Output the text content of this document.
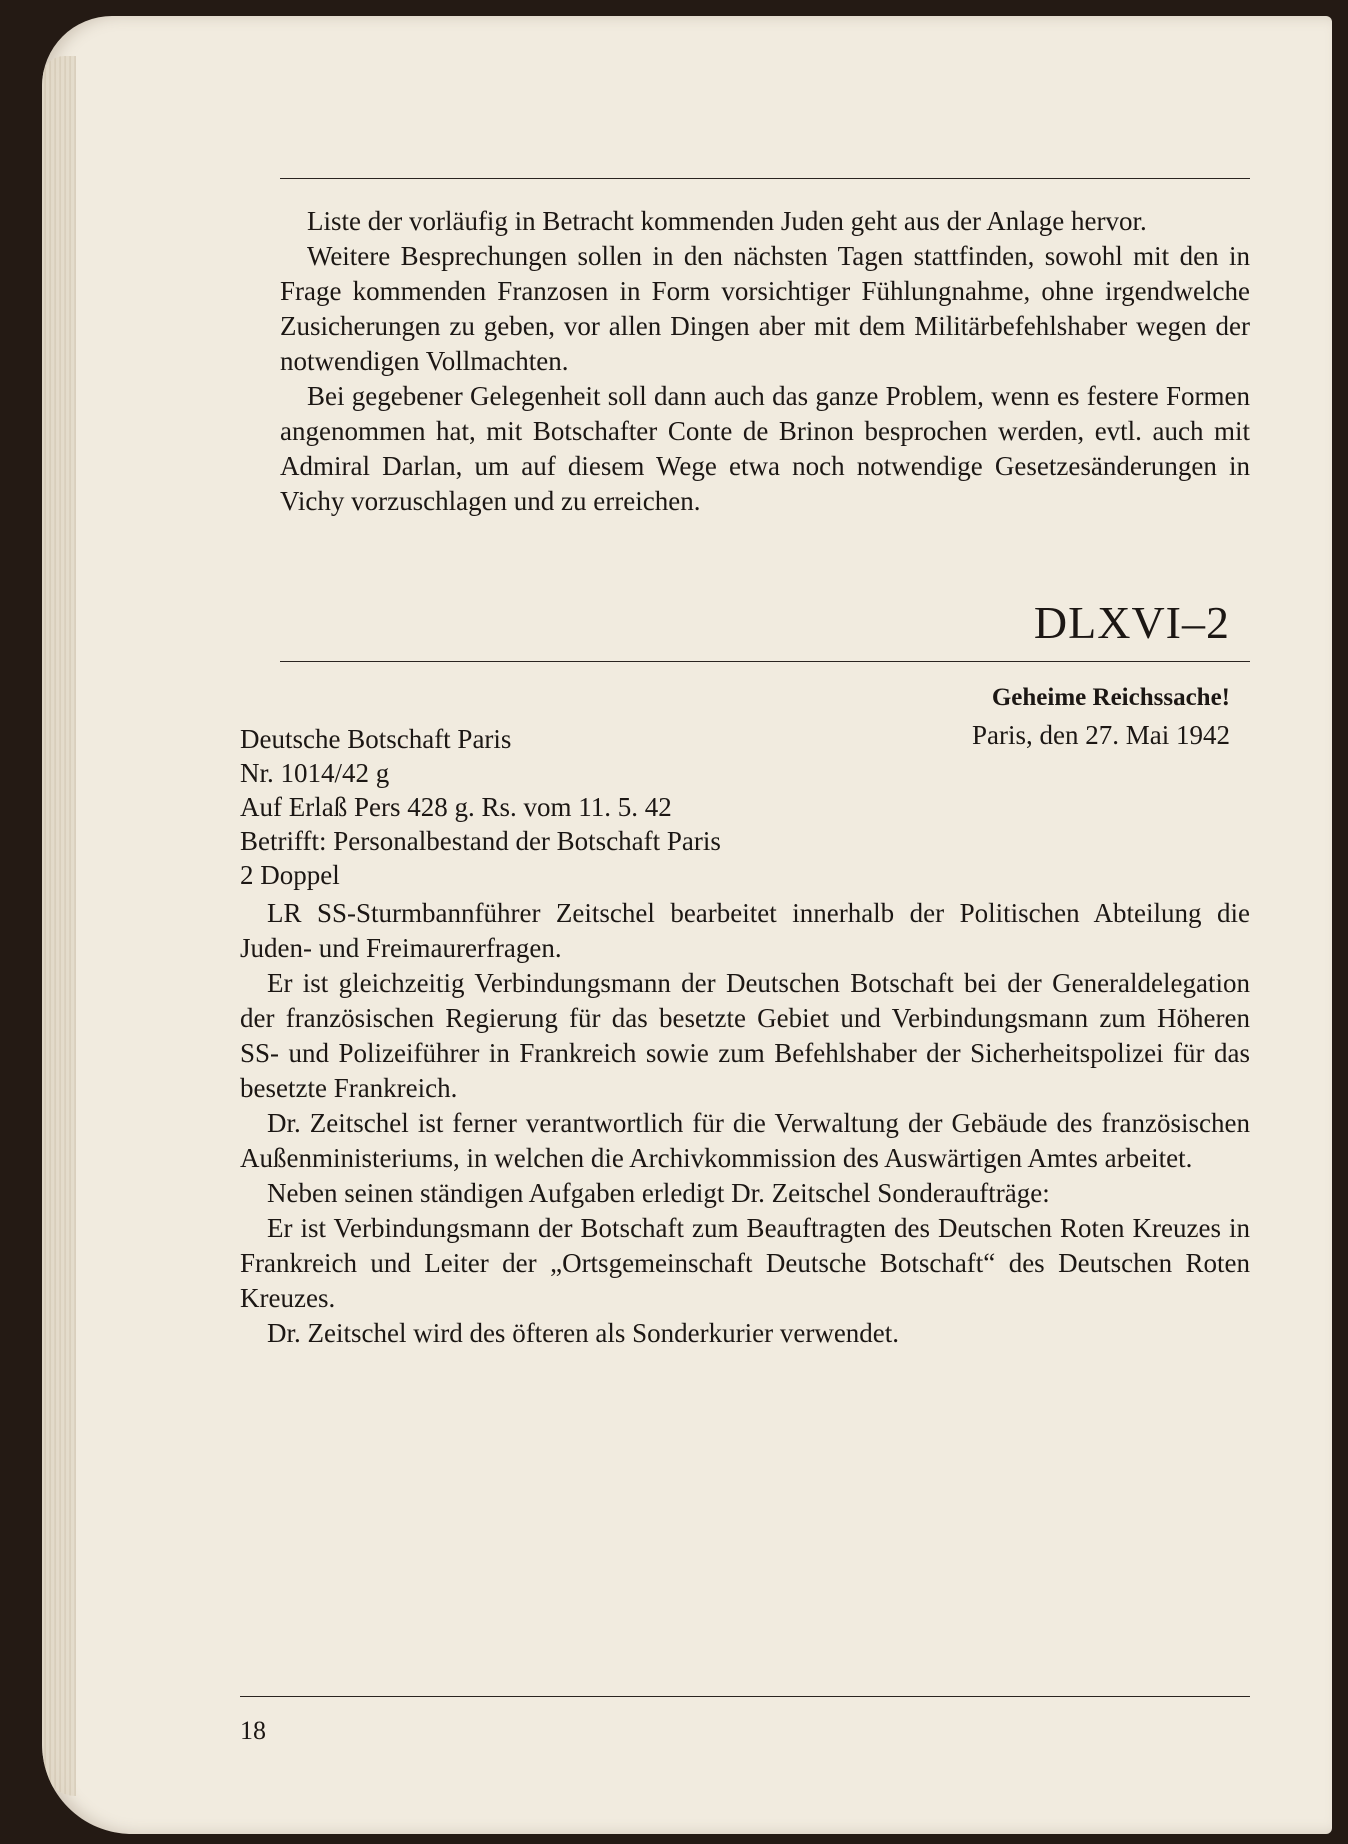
Liste der vorläufig in Betracht kommenden Juden geht aus der Anlage hervor.

Weitere Besprechungen sollen in den nächsten Tagen stattfinden, sowohl mit den in Frage kommenden Franzosen in Form vorsichtiger Fühlungnahme, ohne irgendwelche Zusicherungen zu geben, vor allen Dingen aber mit dem Militärbefehlshaber wegen der notwendigen Vollmachten.

Bei gegebener Gelegenheit soll dann auch das ganze Problem, wenn es festere Formen angenommen hat, mit Botschafter Conte de Brinon besprochen werden, evtl. auch mit Admiral Darlan, um auf diesem Wege etwa noch notwendige Gesetzesänderungen in Vichy vorzuschlagen und zu erreichen.

DLXVI–2
Geheime Reichssache!
Paris, den 27. Mai 1942
Deutsche Botschaft Paris
Nr. 1014/42 g
Auf Erlaß Pers 428 g. Rs. vom 11. 5. 42
Betrifft: Personalbestand der Botschaft Paris
2 Doppel

LR SS-Sturmbannführer Zeitschel bearbeitet innerhalb der Politischen Abteilung die Juden- und Freimaurerfragen.

Er ist gleichzeitig Verbindungsmann der Deutschen Botschaft bei der Generaldelegation der französischen Regierung für das besetzte Gebiet und Verbindungsmann zum Höheren SS- und Polizeiführer in Frankreich sowie zum Befehlshaber der Sicherheitspolizei für das besetzte Frankreich.

Dr. Zeitschel ist ferner verantwortlich für die Verwaltung der Gebäude des französischen Außenministeriums, in welchen die Archivkommission des Auswärtigen Amtes arbeitet.

Neben seinen ständigen Aufgaben erledigt Dr. Zeitschel Sonderaufträge:

Er ist Verbindungsmann der Botschaft zum Beauftragten des Deutschen Roten Kreuzes in Frankreich und Leiter der „Ortsgemeinschaft Deutsche Botschaft“ des Deutschen Roten Kreuzes.

Dr. Zeitschel wird des öfteren als Sonderkurier verwendet.

18
